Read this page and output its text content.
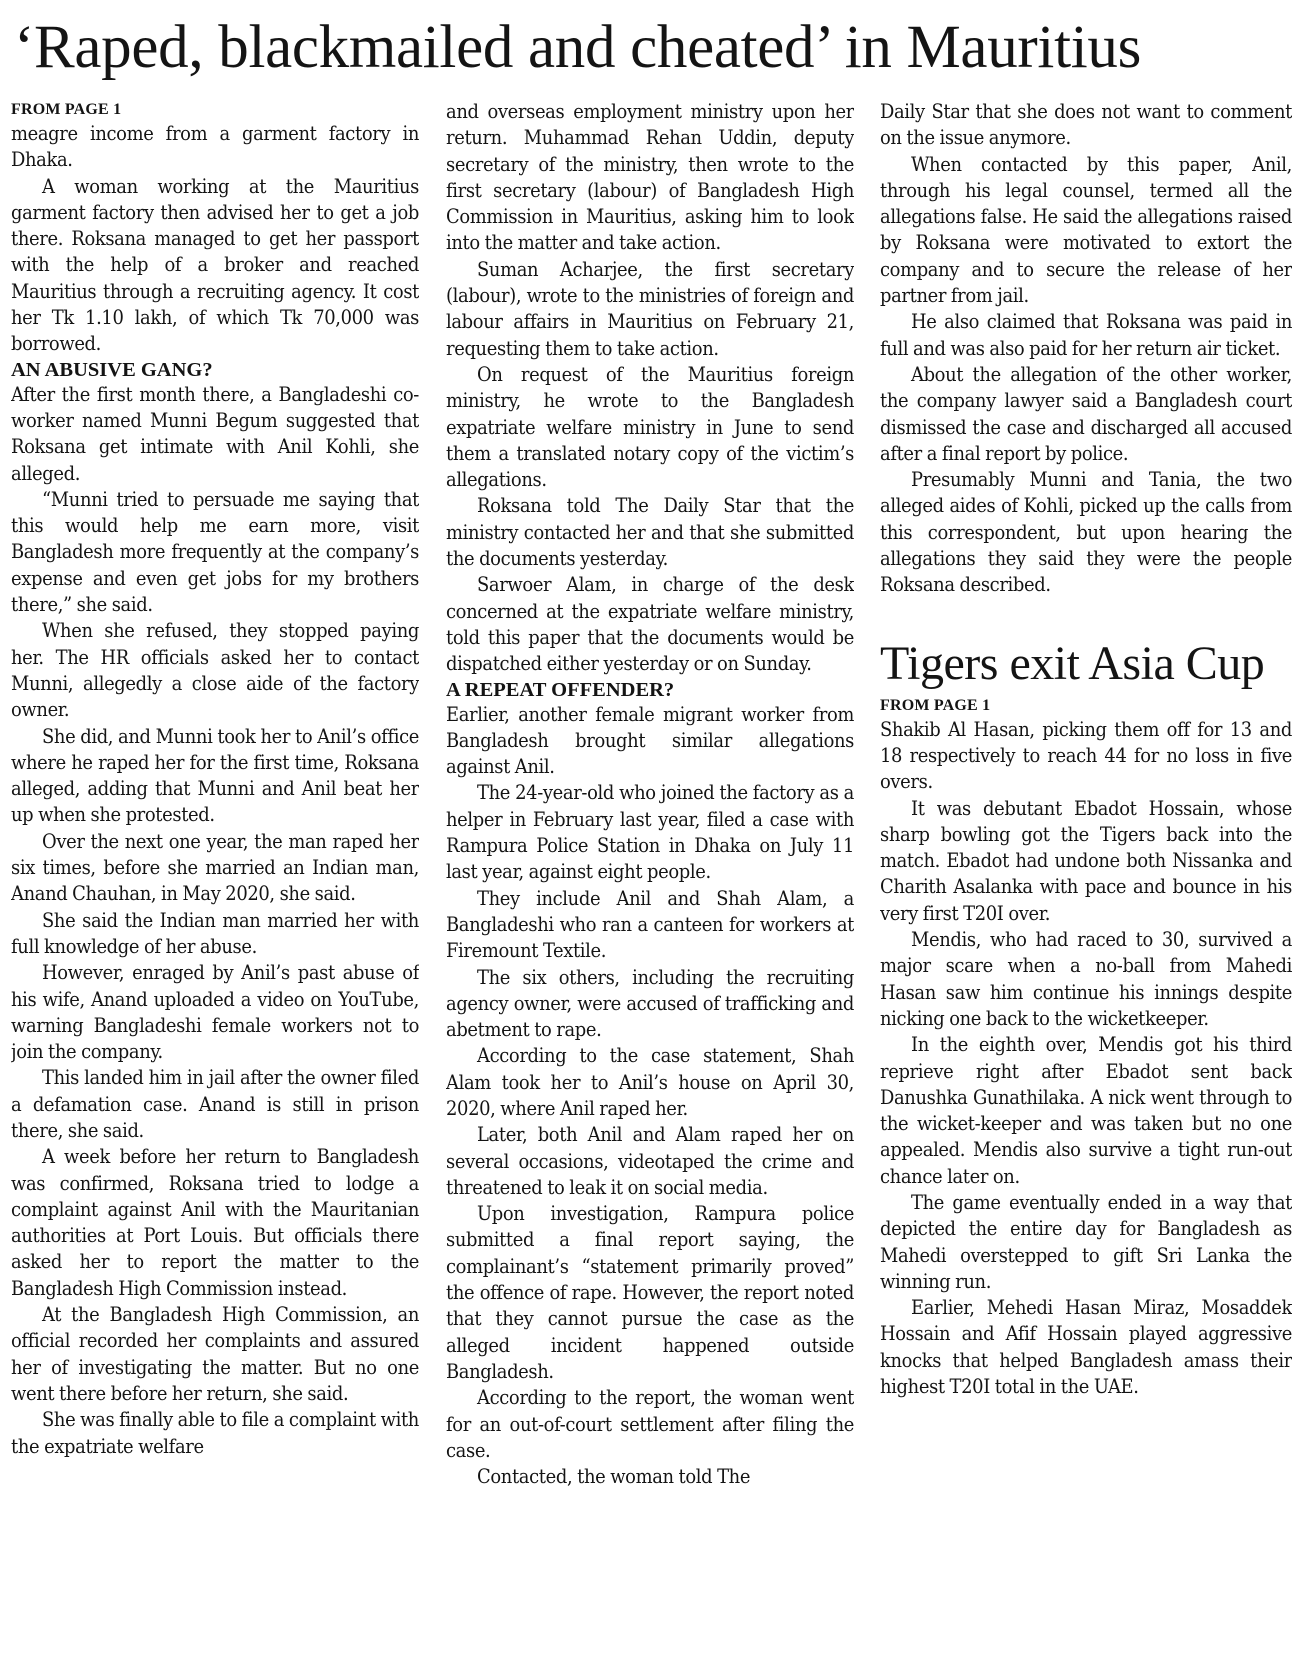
‘Raped, blackmailed and cheated’ in Mauritius
FROM PAGE 1

meagre income from a garment factory in Dhaka.

A woman working at the Mauritius garment factory then advised her to get a job there. Roksana managed to get her passport with the help of a broker and reached Mauritius through a recruiting agency. It cost her Tk 1.10 lakh, of which Tk 70,000 was borrowed.

AN ABUSIVE GANG?

After the first month there, a Bangladeshi co-worker named Munni Begum suggested that Roksana get intimate with Anil Kohli, she alleged.

“Munni tried to persuade me saying that this would help me earn more, visit Bangladesh more frequently at the company’s expense and even get jobs for my brothers there,” she said.

When she refused, they stopped paying her. The HR officials asked her to contact Munni, allegedly a close aide of the factory owner.

She did, and Munni took her to Anil’s office where he raped her for the first time, Roksana alleged, adding that Munni and Anil beat her up when she protested.

Over the next one year, the man raped her six times, before she married an Indian man, Anand Chauhan, in May 2020, she said.

She said the Indian man married her with full knowledge of her abuse.

However, enraged by Anil’s past abuse of his wife, Anand uploaded a video on YouTube, warning Bangladeshi female workers not to join the company.

This landed him in jail after the owner filed a defamation case. Anand is still in prison there, she said.

A week before her return to Bangladesh was confirmed, Roksana tried to lodge a complaint against Anil with the Mauritanian authorities at Port Louis. But officials there asked her to report the matter to the Bangladesh High Commission instead.

At the Bangladesh High Commission, an official recorded her complaints and assured her of investigating the matter. But no one went there before her return, she said.

She was finally able to file a complaint with the expatriate welfare

and overseas employment ministry upon her return. Muhammad Rehan Uddin, deputy secretary of the ministry, then wrote to the first secretary (labour) of Bangladesh High Commission in Mauritius, asking him to look into the matter and take action.

Suman Acharjee, the first secretary (labour), wrote to the ministries of foreign and labour affairs in Mauritius on February 21, requesting them to take action.

On request of the Mauritius foreign ministry, he wrote to the Bangladesh expatriate welfare ministry in June to send them a translated notary copy of the victim’s allegations.

Roksana told The Daily Star that the ministry contacted her and that she submitted the documents yesterday.

Sarwoer Alam, in charge of the desk concerned at the expatriate welfare ministry, told this paper that the documents would be dispatched either yesterday or on Sunday.

A REPEAT OFFENDER?

Earlier, another female migrant worker from Bangladesh brought similar allegations against Anil.

The 24-year-old who joined the factory as a helper in February last year, filed a case with Rampura Police Station in Dhaka on July 11 last year, against eight people.

They include Anil and Shah Alam, a Bangladeshi who ran a canteen for workers at Firemount Textile.

The six others, including the recruiting agency owner, were accused of trafficking and abetment to rape.

According to the case statement, Shah Alam took her to Anil’s house on April 30, 2020, where Anil raped her.

Later, both Anil and Alam raped her on several occasions, videotaped the crime and threatened to leak it on social media.

Upon investigation, Rampura police submitted a final report saying, the complainant’s “statement primarily proved” the offence of rape. However, the report noted that they cannot pursue the case as the alleged incident happened outside Bangladesh.

According to the report, the woman went for an out-of-court settlement after filing the case.

Contacted, the woman told The

Daily Star that she does not want to comment on the issue anymore.

When contacted by this paper, Anil, through his legal counsel, termed all the allegations false. He said the allegations raised by Roksana were motivated to extort the company and to secure the release of her partner from jail.

He also claimed that Roksana was paid in full and was also paid for her return air ticket.

About the allegation of the other worker, the company lawyer said a Bangladesh court dismissed the case and discharged all accused after a final report by police.

Presumably Munni and Tania, the two alleged aides of Kohli, picked up the calls from this correspondent, but upon hearing the allegations they said they were the people Roksana described.

Tigers exit Asia Cup
FROM PAGE 1

Shakib Al Hasan, picking them off for 13 and 18 respectively to reach 44 for no loss in five overs.

It was debutant Ebadot Hossain, whose sharp bowling got the Tigers back into the match. Ebadot had undone both Nissanka and Charith Asalanka with pace and bounce in his very first T20I over.

Mendis, who had raced to 30, survived a major scare when a no-ball from Mahedi Hasan saw him continue his innings despite nicking one back to the wicketkeeper.

In the eighth over, Mendis got his third reprieve right after Ebadot sent back Danushka Gunathilaka. A nick went through to the wicket-keeper and was taken but no one appealed. Mendis also survive a tight run-out chance later on.

The game eventually ended in a way that depicted the entire day for Bangladesh as Mahedi overstepped to gift Sri Lanka the winning run.

Earlier, Mehedi Hasan Miraz, Mosaddek Hossain and Afif Hossain played aggressive knocks that helped Bangladesh amass their highest T20I total in the UAE.
